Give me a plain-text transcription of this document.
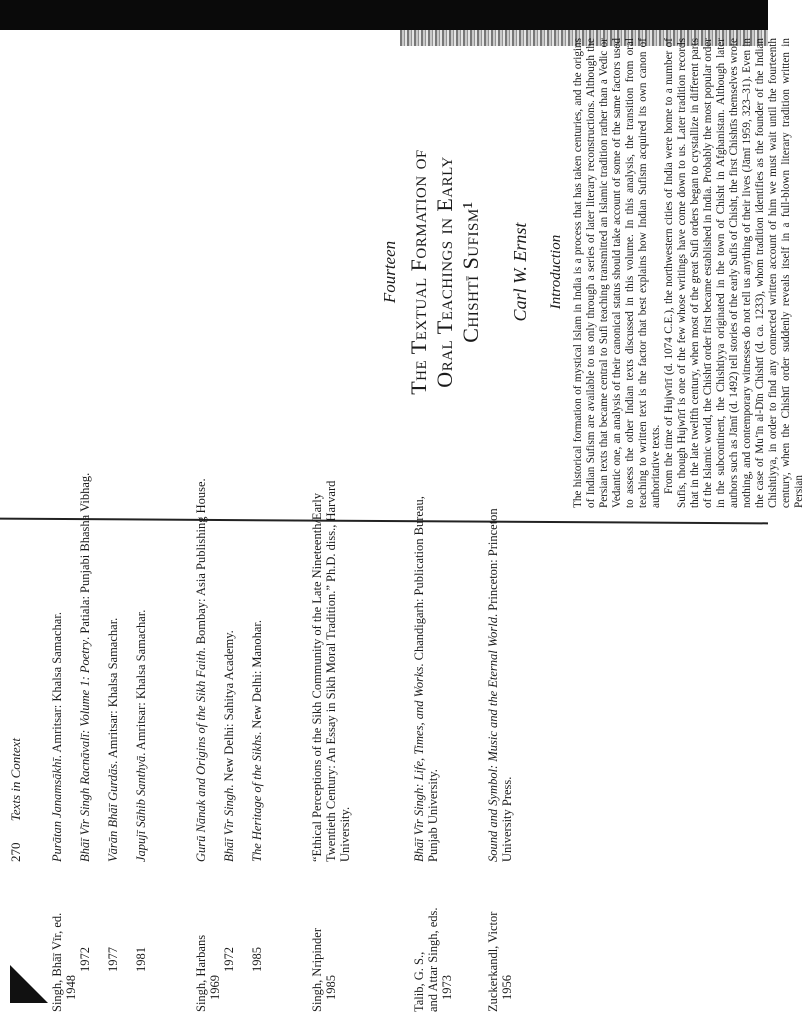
270 Texts in Context
Singh, Bhāī Vīr, ed. 1948

Purātan Janamsākhī. Amritsar: Khalsa Samachar.

1972

Bhāī Vīr Singh Racnāvalī: Volume 1: Poetry. Patiala: Punjabi Bhasha Vibhag.

1977

Vārān Bhāī Gurdās. Amritsar: Khalsa Samachar.

1981

Japujī Sāhib Santhyā. Amritsar: Khalsa Samachar.

Singh, Harbans 1969

Gurū Nānak and Origins of the Sikh Faith. Bombay: Asia Publishing House.

1972

Bhāī Vīr Singh. New Delhi: Sahitya Academy.

1985

The Heritage of the Sikhs. New Delhi: Manohar.

Singh, Nripinder 1985

“Ethical Perceptions of the Sikh Community of the Late Nineteenth/Early Twentieth Century: An Essay in Sikh Moral Tradition.” Ph.D. diss., Harvard University.

Talib, G. S., and Attar Singh, eds. 1973

Bhāī Vīr Singh: Life, Times, and Works. Chandigarh: Publication Bureau, Punjab University.

Zuckerkandl, Victor 1956

Sound and Symbol: Music and the Eternal World. Princeton: Princeton University Press.

Fourteen The Textual Formation of Oral Teachings in Early Chishtī Sufism¹ Carl W. Ernst Introduction The historical formation of mystical Islam in India is a process that has taken centuries, and the origins of Indian Sufism are available to us only through a series of later literary reconstructions. Although the Persian texts that became central to Sufi teaching transmitted an Islamic tradition rather than a Vedic or Vedantic one, an analysis of their canonical status should take account of some of the same factors used to assess the other Indian texts discussed in this volume. In this analysis, the transition from oral teaching to written text is the factor that best explains how Indian Sufism acquired its own canon of authoritative texts. From the time of Hujwīrī (d. 1074 C.E.), the northwestern cities of India were home to a number of Sufis, though Hujwīrī is one of the few whose writings have come down to us. Later tradition records that in the late twelfth century, when most of the great Sufi orders began to crystallize in different parts of the Islamic world, the Chishtī order first became established in India. Probably the most popular order in the subcontinent, the Chishtiyya originated in the town of Chisht in Afghanistan. Although later authors such as Jāmī (d. 1492) tell stories of the early Sufis of Chisht, the first Chishtīs themselves wrote nothing, and contemporary witnesses do not tell us anything of their lives (Jāmī 1959, 323–31). Even in the case of Mu‘īn al-Dīn Chishtī (d. ca. 1233), whom tradition identifies as the founder of the Indian Chishtiyya, in order to find any connected written account of him we must wait until the fourteenth century, when the Chishtī order suddenly reveals itself in a full-blown literary tradition written in Persian
